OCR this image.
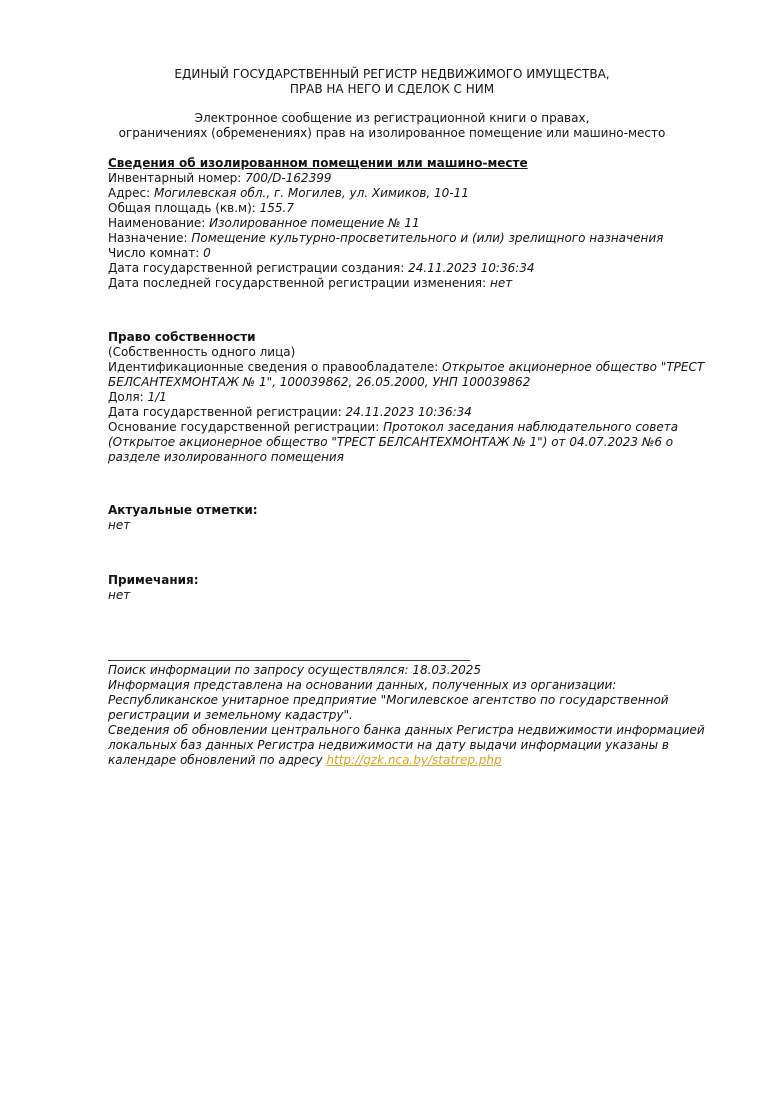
ЕДИНЫЙ ГОСУДАРСТВЕННЫЙ РЕГИСТР НЕДВИЖИМОГО ИМУЩЕСТВА,
ПРАВ НА НЕГО И СДЕЛОК С НИМ
Электронное сообщение из регистрационной книги о правах,
ограничениях (обременениях) прав на изолированное помещение или машино-место
Сведения об изолированном помещении или машино-месте
Инвентарный номер: 700/D-162399
Адрес: Могилевская обл., г. Могилев, ул. Химиков, 10-11
Общая площадь (кв.м): 155.7
Наименование: Изолированное помещение № 11
Назначение: Помещение культурно-просветительного и (или) зрелищного назначения
Число комнат: 0
Дата государственной регистрации создания: 24.11.2023 10:36:34
Дата последней государственной регистрации изменения: нет
Право собственности
(Собственность одного лица)
Идентификационные сведения о правообладателе: Открытое акционерное общество "ТРЕСТ БЕЛСАНТЕХМОНТАЖ № 1", 100039862, 26.05.2000, УНП 100039862
Доля: 1/1
Дата государственной регистрации: 24.11.2023 10:36:34
Основание государственной регистрации: Протокол заседания наблюдательного совета (Открытое акционерное общество "ТРЕСТ БЕЛСАНТЕХМОНТАЖ № 1") от 04.07.2023 №6 о разделе изолированного помещения
Актуальные отметки:
нет
Примечания:
нет
Поиск информации по запросу осуществлялся: 18.03.2025
Информация представлена на основании данных, полученных из организации: Республиканское унитарное предприятие "Могилевское агентство по государственной регистрации и земельному кадастру".
Сведения об обновлении центрального банка данных Регистра недвижимости информацией локальных баз данных Регистра недвижимости на дату выдачи информации указаны в календаре обновлений по адресу http://gzk.nca.by/statrep.php
